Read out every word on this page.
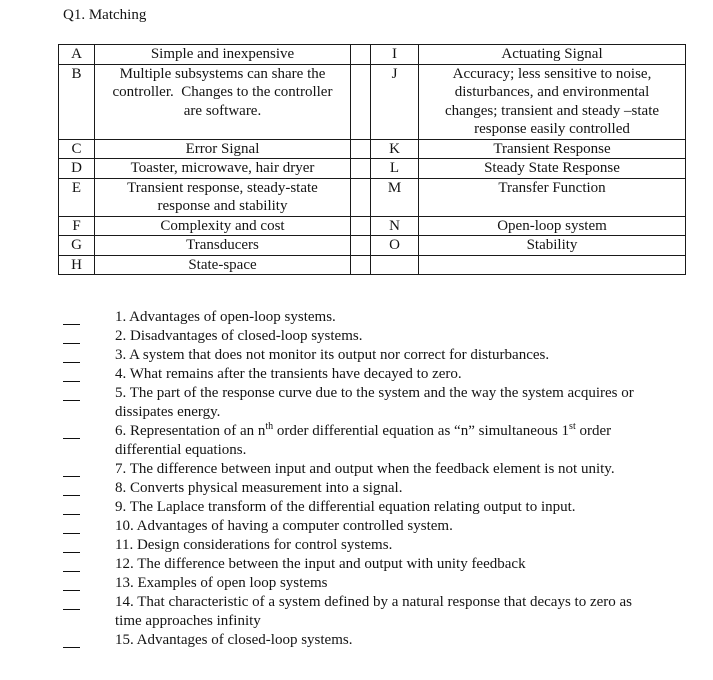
Q1. Matching
A	Simple and inexpensive		I	Actuating Signal
B	Multiple subsystems can share the
controller.  Changes to the controller
are software.		J	Accuracy; less sensitive to noise,
disturbances, and environmental
changes; transient and steady –state
response easily controlled
C	Error Signal		K	Transient Response
D	Toaster, microwave, hair dryer		L	Steady State Response
E	Transient response, steady-state
response and stability		M	Transfer Function
F	Complexity and cost		N	Open-loop system
G	Transducers		O	Stability
H	State-space			
1. Advantages of open-loop systems.
2. Disadvantages of closed-loop systems.
3. A system that does not monitor its output nor correct for disturbances.
4. What remains after the transients have decayed to zero.
5. The part of the response curve due to the system and the way the system acquires or
dissipates energy.
6. Representation of an $n^{th}$ order differential equation as “n” simultaneous 1st order
differential equations.
7. The difference between input and output when the feedback element is not unity.
8. Converts physical measurement into a signal.
9. The Laplace transform of the differential equation relating output to input.
10. Advantages of having a computer controlled system.
11. Design considerations for control systems.
12. The difference between the input and output with unity feedback
13. Examples of open loop systems
14. That characteristic of a system defined by a natural response that decays to zero as
time approaches infinity
15. Advantages of closed-loop systems.
